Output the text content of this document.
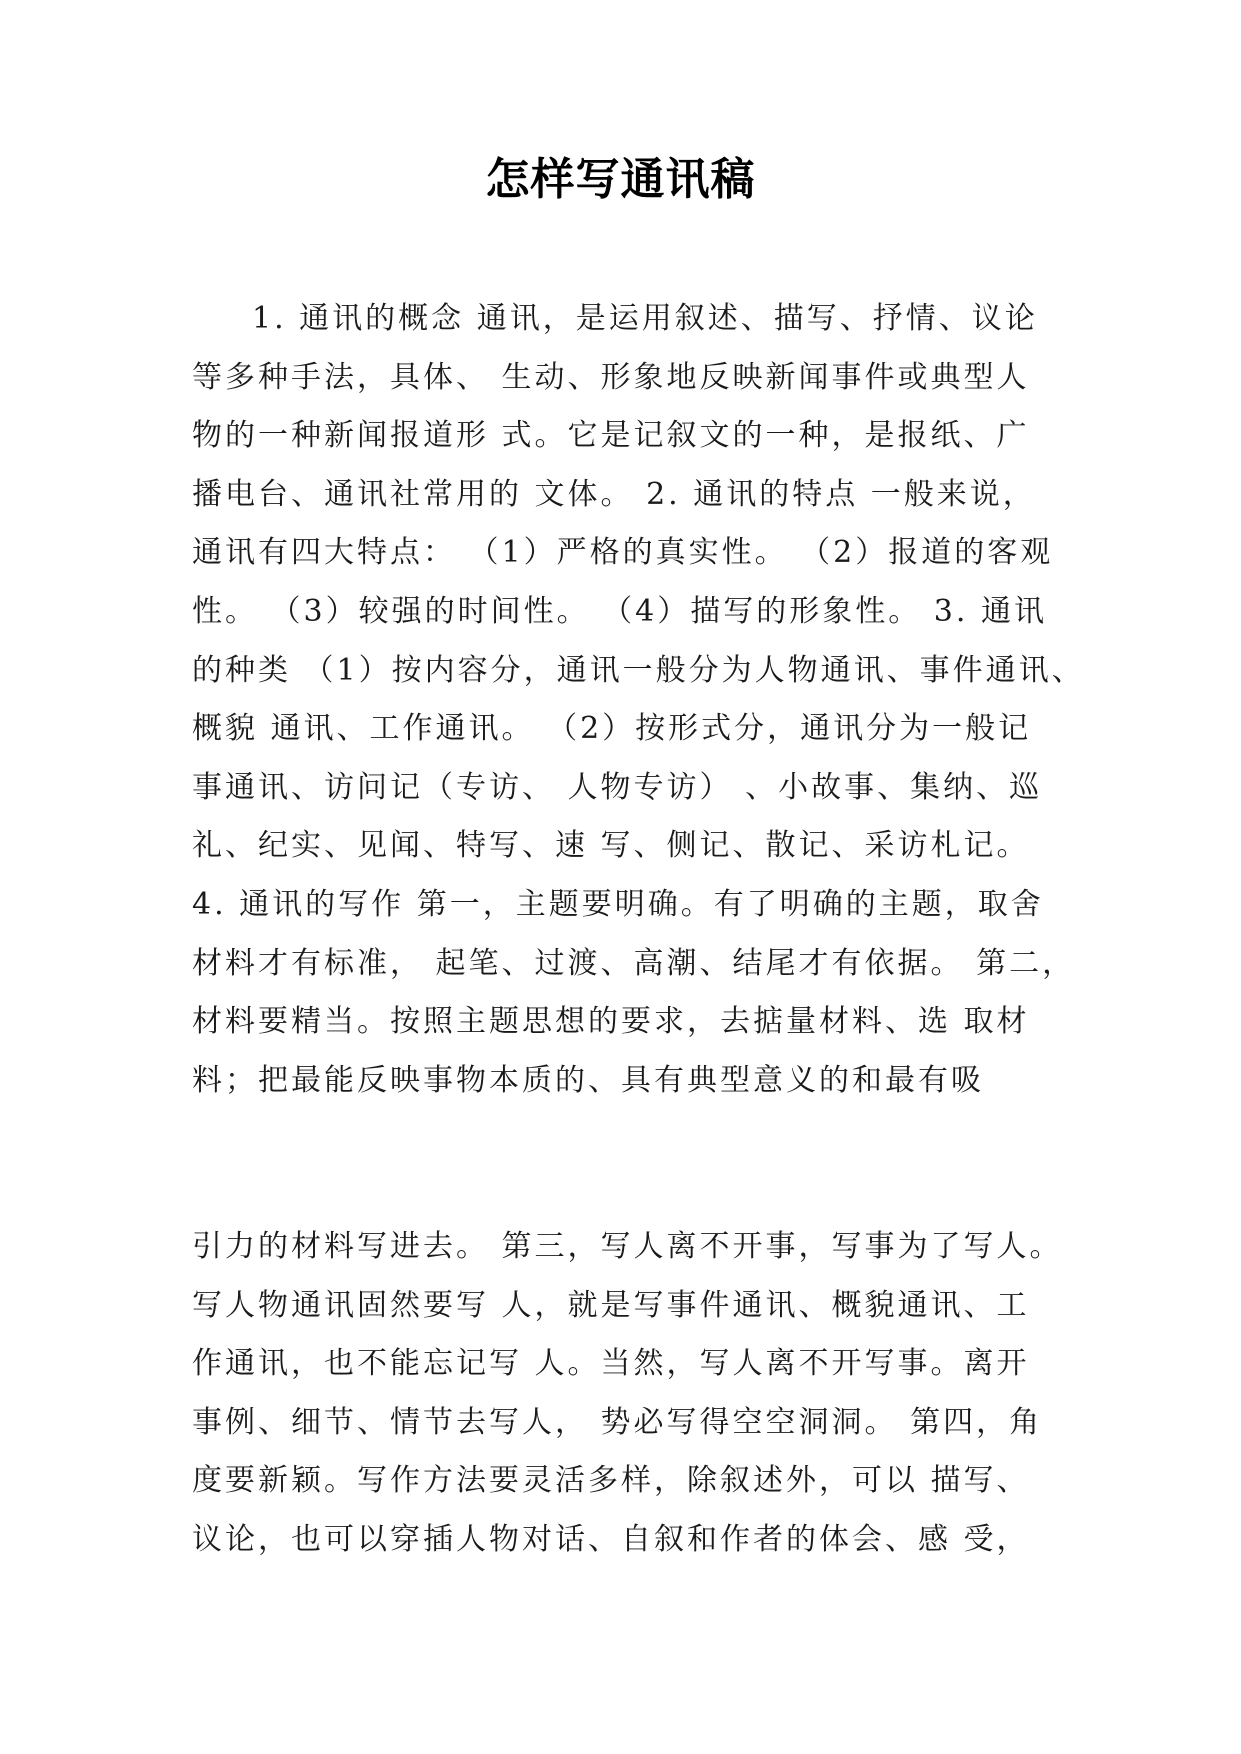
怎样写通讯稿
1. 通讯的概念 通讯，是运用叙述、描写、抒情、议论
等多种手法，具体、 生动、形象地反映新闻事件或典型人
物的一种新闻报道形 式。它是记叙文的一种，是报纸、广
播电台、通讯社常用的 文体。 2. 通讯的特点 一般来说，
通讯有四大特点： （1）严格的真实性。 （2）报道的客观
性。 （3）较强的时间性。 （4）描写的形象性。 3. 通讯
的种类 （1）按内容分，通讯一般分为人物通讯、事件通讯、
概貌 通讯、工作通讯。 （2）按形式分，通讯分为一般记
事通讯、访问记（专访、 人物专访） 、小故事、集纳、巡
礼、纪实、见闻、特写、速 写、侧记、散记、采访札记。
4. 通讯的写作 第一，主题要明确。有了明确的主题，取舍
材料才有标准， 起笔、过渡、高潮、结尾才有依据。 第二，
材料要精当。按照主题思想的要求，去掂量材料、选 取材
料；把最能反映事物本质的、具有典型意义的和最有吸
引力的材料写进去。 第三，写人离不开事，写事为了写人。
写人物通讯固然要写 人，就是写事件通讯、概貌通讯、工
作通讯，也不能忘记写 人。当然，写人离不开写事。离开
事例、细节、情节去写人， 势必写得空空洞洞。 第四，角
度要新颖。写作方法要灵活多样，除叙述外，可以 描写、
议论，也可以穿插人物对话、自叙和作者的体会、感 受，
